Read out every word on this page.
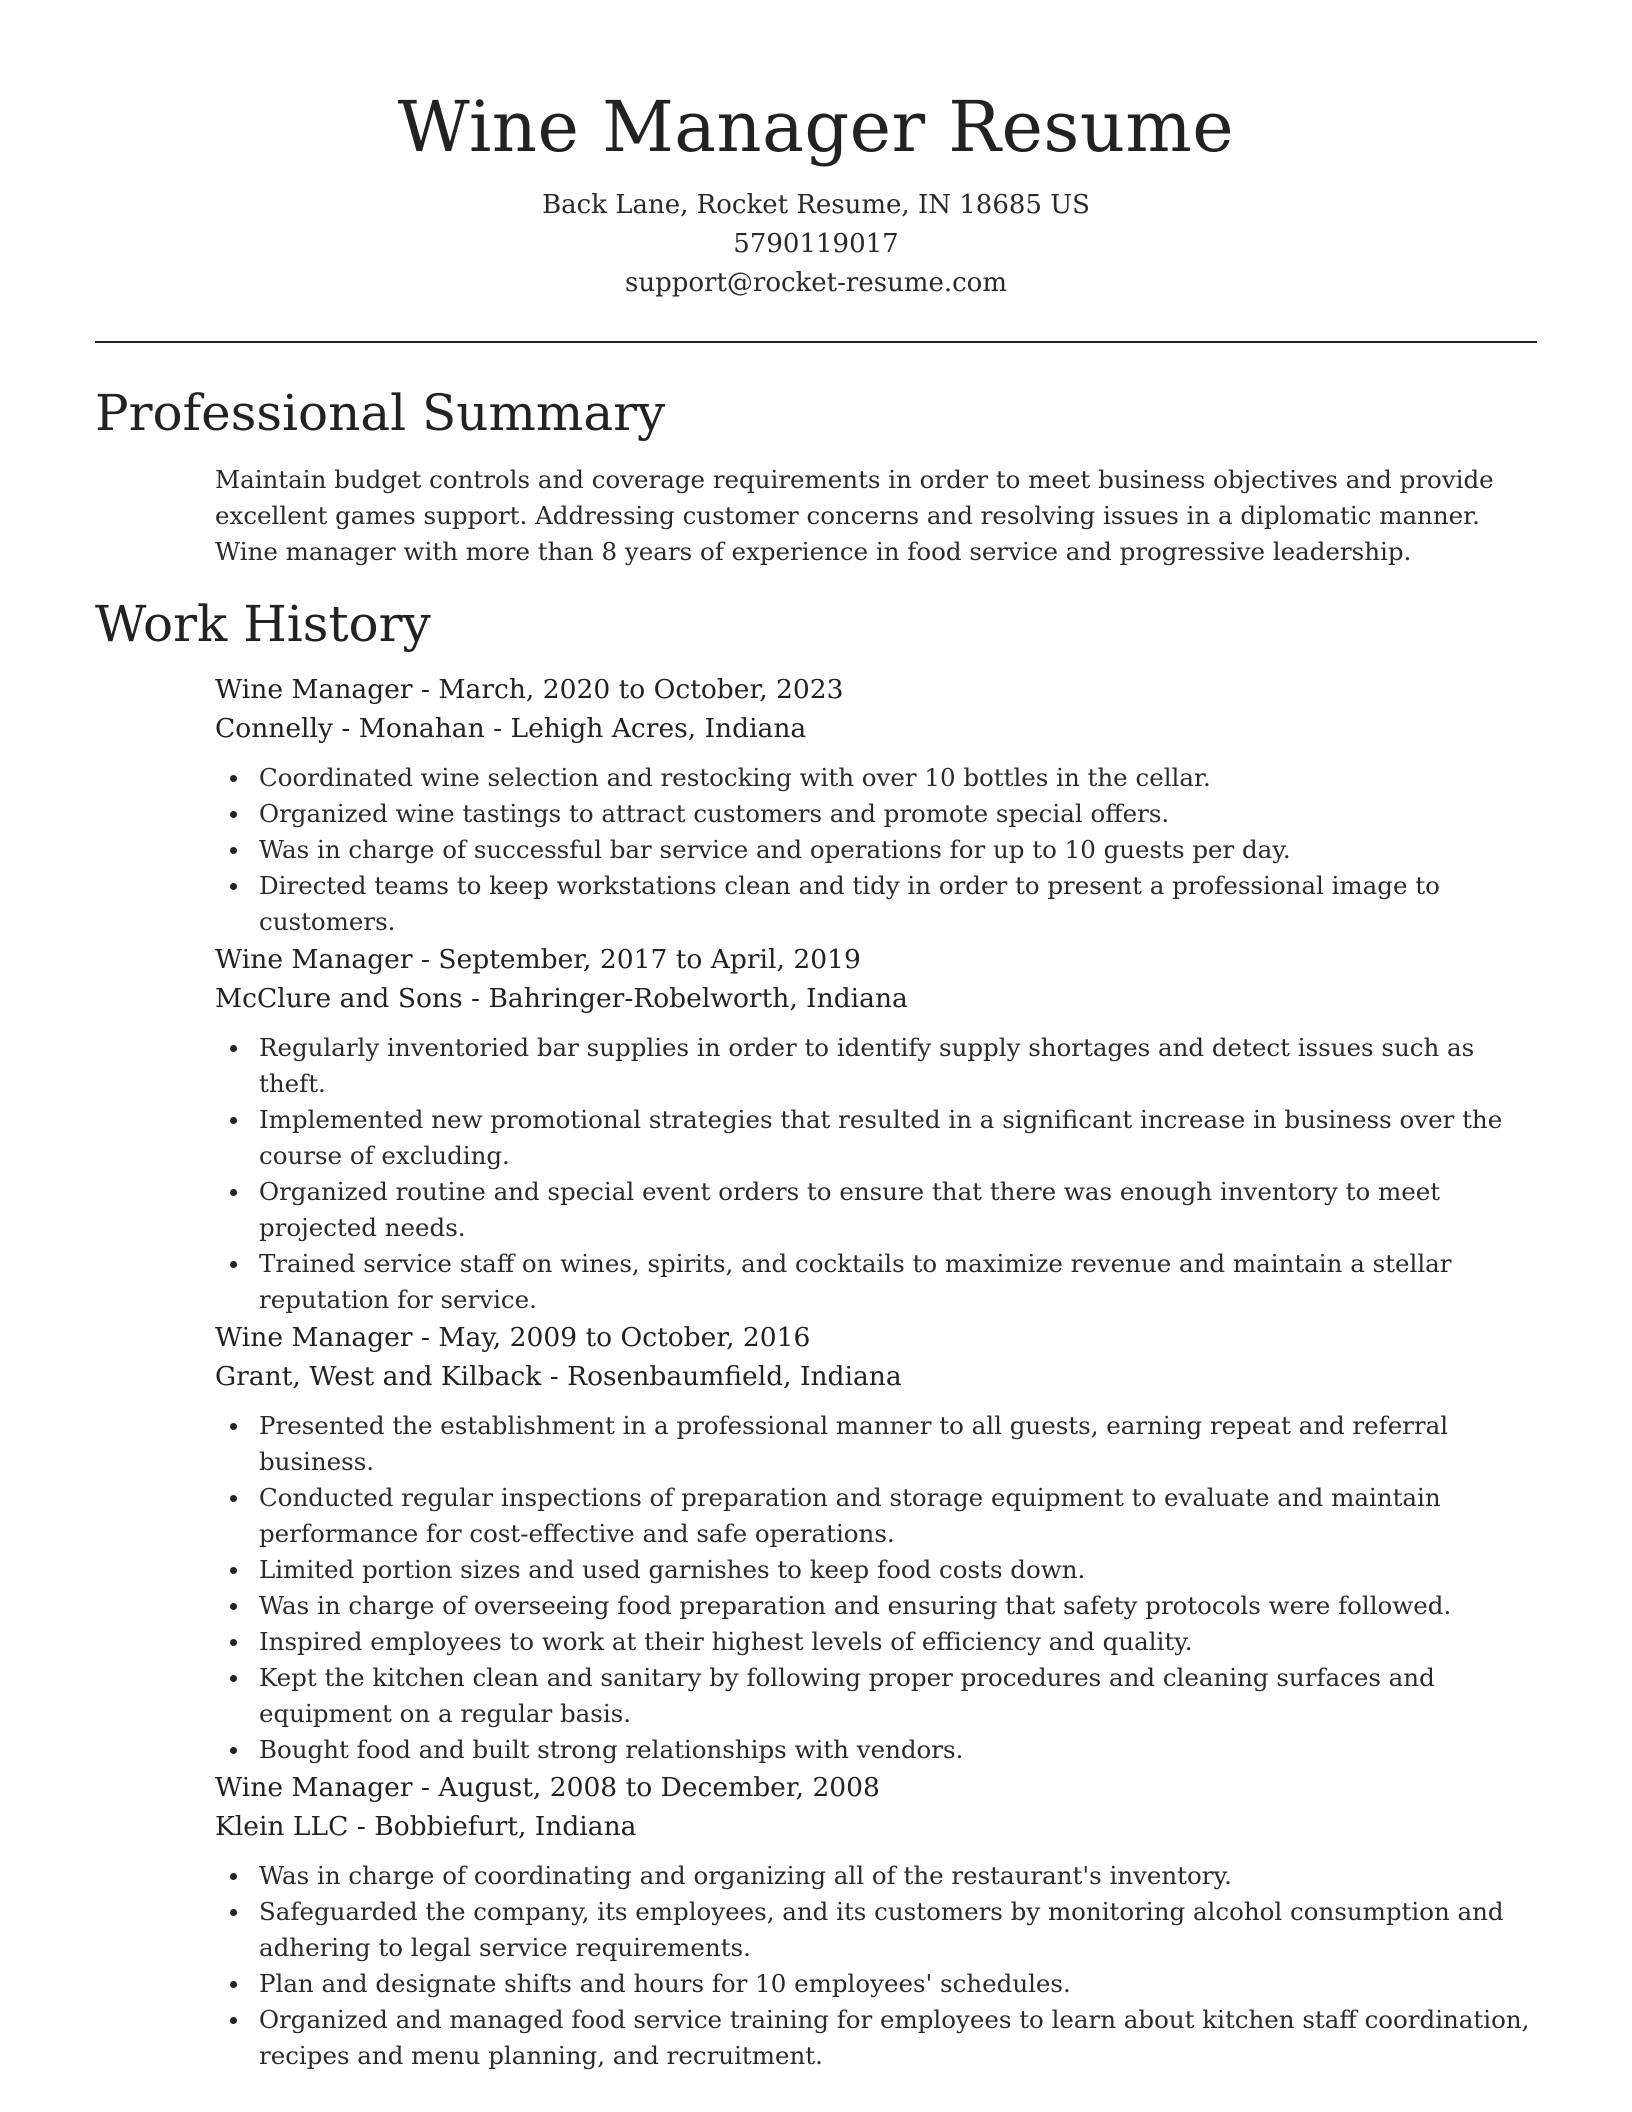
Wine Manager Resume
Back Lane, Rocket Resume, IN 18685 US
5790119017
support@rocket-resume.com
Professional Summary
Maintain budget controls and coverage requirements in order to meet business objectives and provide excellent games support. Addressing customer concerns and resolving issues in a diplomatic manner. Wine manager with more than 8 years of experience in food service and progressive leadership.
Work History
Wine Manager - March, 2020 to October, 2023
Connelly - Monahan - Lehigh Acres, Indiana
Coordinated wine selection and restocking with over 10 bottles in the cellar.
Organized wine tastings to attract customers and promote special offers.
Was in charge of successful bar service and operations for up to 10 guests per day.
Directed teams to keep workstations clean and tidy in order to present a professional image to customers.
Wine Manager - September, 2017 to April, 2019
McClure and Sons - Bahringer-Robelworth, Indiana
Regularly inventoried bar supplies in order to identify supply shortages and detect issues such as theft.
Implemented new promotional strategies that resulted in a significant increase in business over the course of excluding.
Organized routine and special event orders to ensure that there was enough inventory to meet projected needs.
Trained service staff on wines, spirits, and cocktails to maximize revenue and maintain a stellar reputation for service.
Wine Manager - May, 2009 to October, 2016
Grant, West and Kilback - Rosenbaumfield, Indiana
Presented the establishment in a professional manner to all guests, earning repeat and referral business.
Conducted regular inspections of preparation and storage equipment to evaluate and maintain performance for cost-effective and safe operations.
Limited portion sizes and used garnishes to keep food costs down.
Was in charge of overseeing food preparation and ensuring that safety protocols were followed.
Inspired employees to work at their highest levels of efficiency and quality.
Kept the kitchen clean and sanitary by following proper procedures and cleaning surfaces and equipment on a regular basis.
Bought food and built strong relationships with vendors.
Wine Manager - August, 2008 to December, 2008
Klein LLC - Bobbiefurt, Indiana
Was in charge of coordinating and organizing all of the restaurant's inventory.
Safeguarded the company, its employees, and its customers by monitoring alcohol consumption and adhering to legal service requirements.
Plan and designate shifts and hours for 10 employees' schedules.
Organized and managed food service training for employees to learn about kitchen staff coordination, recipes and menu planning, and recruitment.
